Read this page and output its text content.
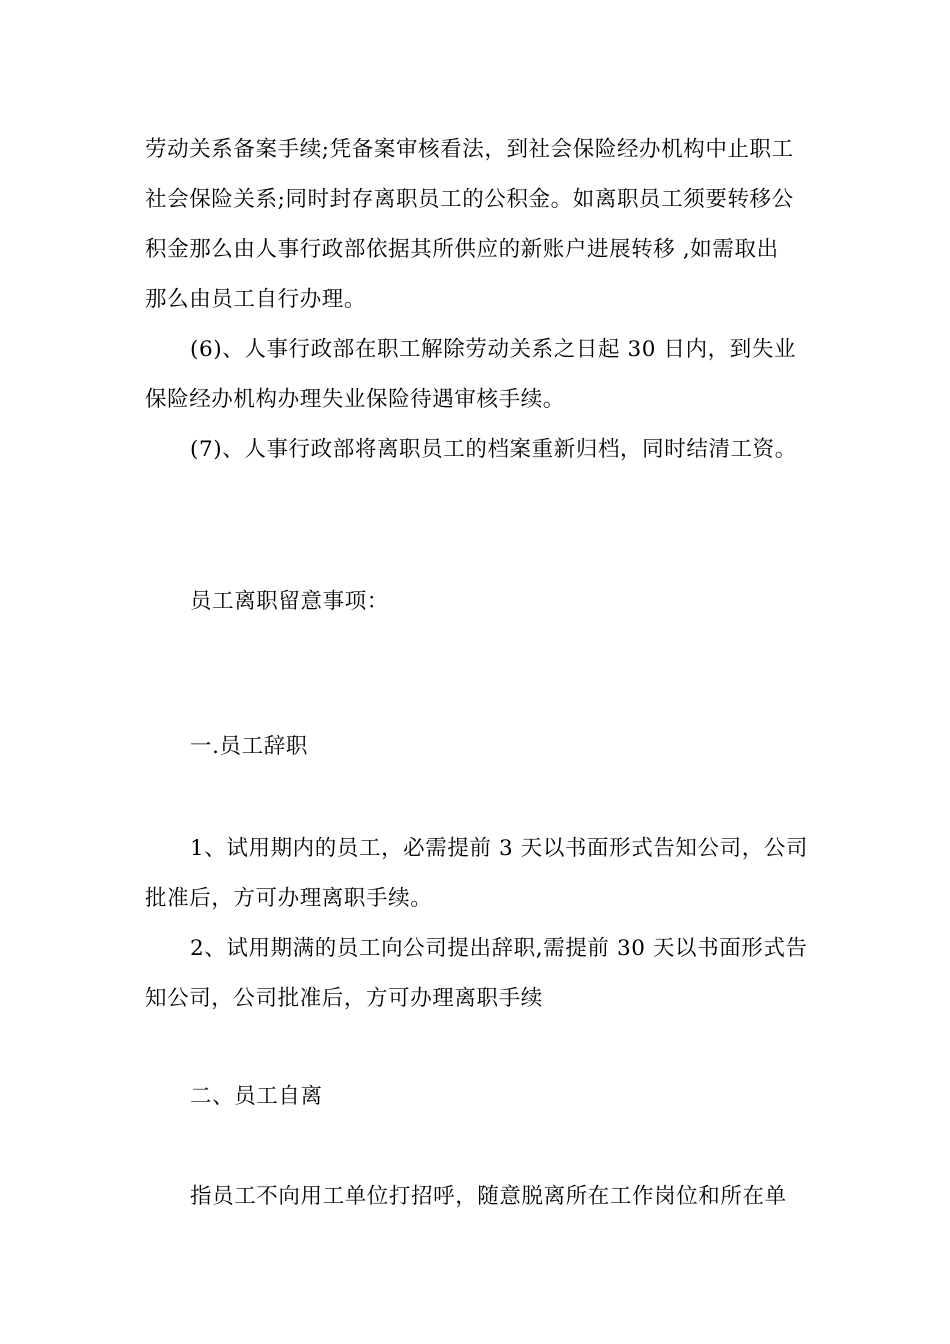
劳动关系备案手续;凭备案审核看法，到社会保险经办机构中止职工

社会保险关系;同时封存离职员工的公积金。如离职员工须要转移公

积金那么由人事行政部依据其所供应的新账户进展转移 ,如需取出

那么由员工自行办理。

(6)、人事行政部在职工解除劳动关系之日起 30 日内，到失业

保险经办机构办理失业保险待遇审核手续。

(7)、人事行政部将离职员工的档案重新归档，同时结清工资。

员工离职留意事项：

一.员工辞职

1、试用期内的员工，必需提前 3 天以书面形式告知公司，公司

批准后，方可办理离职手续。

2、试用期满的员工向公司提出辞职,需提前 30 天以书面形式告

知公司，公司批准后，方可办理离职手续

二、员工自离

指员工不向用工单位打招呼，随意脱离所在工作岗位和所在单
